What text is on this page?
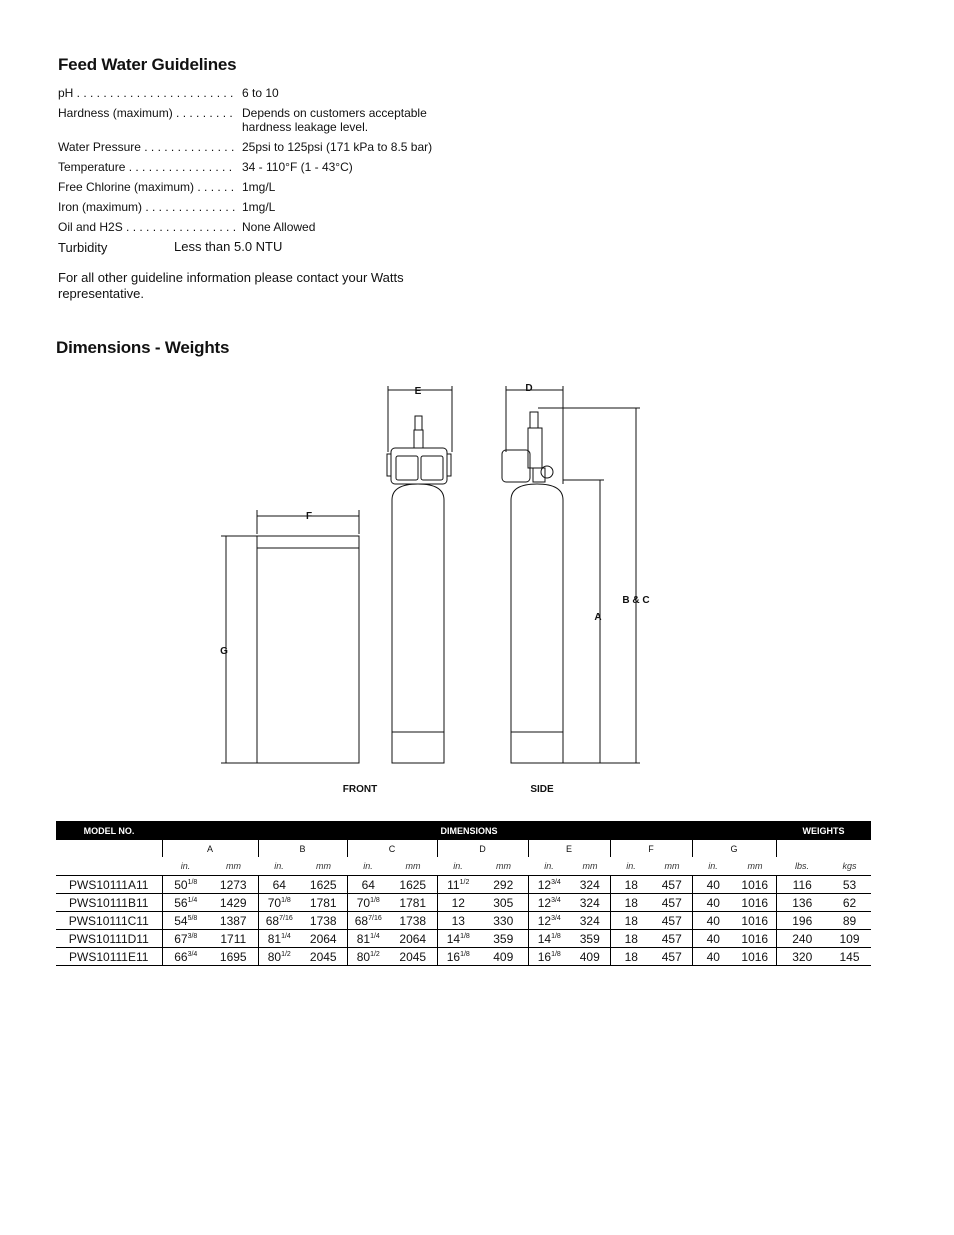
Feed Water Guidelines
pH . . .	6 to 10
Hardness (maximum) . . .	Depends on customers acceptable hardness leakage level.
Water Pressure . . .	25psi to 125psi (171 kPa to 8.5 bar)
Temperature . . .	34 - 110°F (1 - 43°C)
Free Chlorine (maximum) . . .	1mg/L
Iron (maximum) . . .	1mg/L
Oil and H2S . . .	None Allowed
Turbidity	Less than 5.0 NTU
For all other guideline information please contact your Watts representative.
Dimensions - Weights
E	D
F
G
A
B & C
FRONT	SIDE
MODEL NO.	DIMENSIONS														WEIGHTS	
	A		B		C		D		E		F		G			
	in.	mm	in.	mm	in.	mm	in.	mm	in.	mm	in.	mm	in.	mm	lbs.	kgs
PWS10111A11	$50^{1/8}$	1273	64	1625	64	1625	$11^{1/2}$	292	$12^{3/4}$	324	18	457	40	1016	116	53
PWS10111B11	$56^{1/4}$	1429	$70^{1/8}$	1781	$70^{1/8}$	1781	12	305	$12^{3/4}$	324	18	457	40	1016	136	62
PWS10111C11	$54^{5/8}$	1387	$68^{7/16}$	1738	$68^{7/16}$	1738	13	330	$12^{3/4}$	324	18	457	40	1016	196	89
PWS10111D11	$67^{3/8}$	1711	$81^{1/4}$	2064	$81^{1/4}$	2064	$14^{1/8}$	359	$14^{1/8}$	359	18	457	40	1016	240	109
PWS10111E11	$66^{3/4}$	1695	$80^{1/2}$	2045	$80^{1/2}$	2045	$16^{1/8}$	409	$16^{1/8}$	409	18	457	40	1016	320	145
